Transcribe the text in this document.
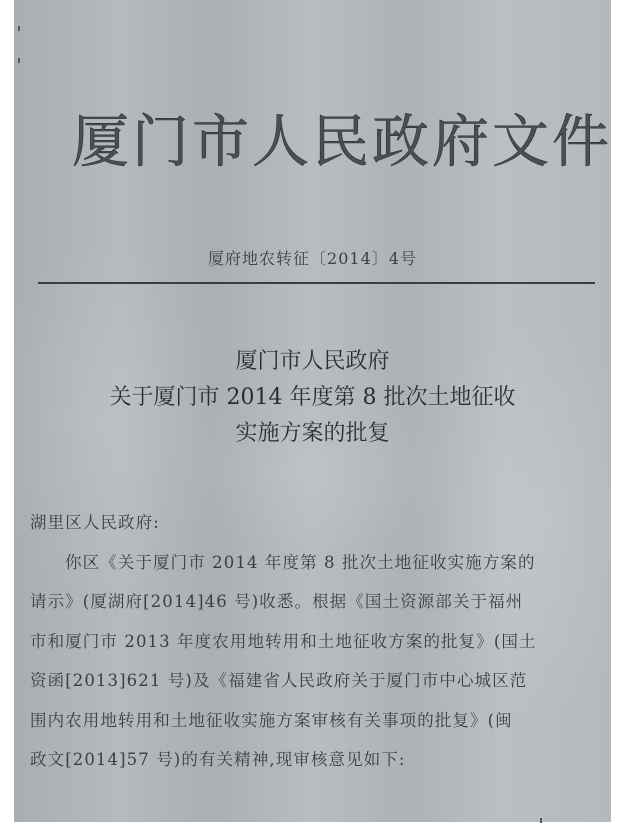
厦门市人民政府文件
厦府地农转征〔2014〕4号
厦门市人民政府
关于厦门市 2014 年度第 8 批次土地征收
实施方案的批复
湖里区人民政府:
你区《关于厦门市 2014 年度第 8 批次土地征收实施方案的
请示》(厦湖府[2014]46 号)收悉。根据《国土资源部关于福州
市和厦门市 2013 年度农用地转用和土地征收方案的批复》(国土
资函[2013]621 号)及《福建省人民政府关于厦门市中心城区范
围内农用地转用和土地征收实施方案审核有关事项的批复》(闽
政文[2014]57 号)的有关精神,现审核意见如下:
